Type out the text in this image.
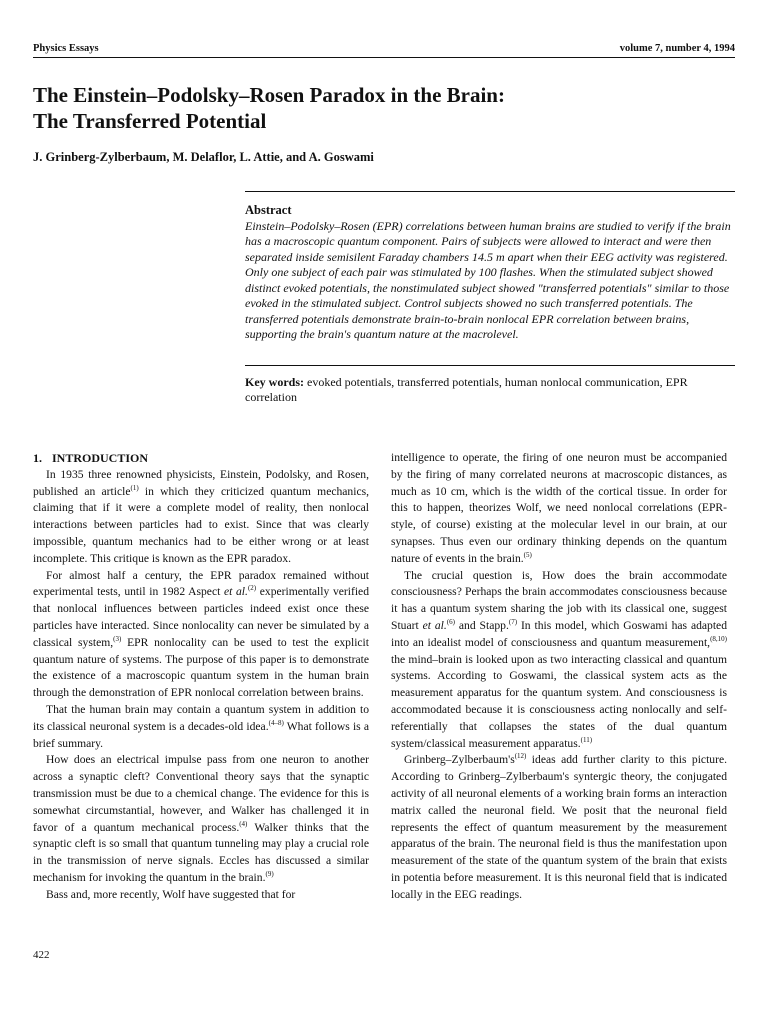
Physics Essays	volume 7, number 4, 1994
The Einstein–Podolsky–Rosen Paradox in the Brain:
The Transferred Potential
J. Grinberg-Zylberbaum, M. Delaflor, L. Attie, and A. Goswami
Abstract
Einstein–Podolsky–Rosen (EPR) correlations between human brains are studied to verify if the brain has a macroscopic quantum component. Pairs of subjects were allowed to interact and were then separated inside semisilent Faraday chambers 14.5 m apart when their EEG activity was registered. Only one subject of each pair was stimulated by 100 flashes. When the stimulated subject showed distinct evoked potentials, the nonstimulated subject showed "transferred potentials" similar to those evoked in the stimulated subject. Control subjects showed no such transferred potentials. The transferred potentials demonstrate brain-to-brain nonlocal EPR correlation between brains, supporting the brain's quantum nature at the macrolevel.
Key words: evoked potentials, transferred potentials, human nonlocal communication, EPR correlation
1. INTRODUCTION

In 1935 three renowned physicists, Einstein, Podolsky, and Rosen, published an article$^{(1)}$ in which they criticized quantum mechanics, claiming that if it were a complete model of reality, then nonlocal interactions between particles had to exist. Since that was clearly impossible, quantum mechanics had to be either wrong or at least incomplete. This critique is known as the EPR paradox.

For almost half a century, the EPR paradox remained without experimental tests, until in 1982 Aspect et al.$^{(2)}$ experimentally verified that nonlocal influences between particles indeed exist once these particles have interacted. Since nonlocality can never be simulated by a classical system,$^{(3)}$ EPR nonlocality can be used to test the explicit quantum nature of systems. The purpose of this paper is to demonstrate the existence of a macroscopic quantum system in the human brain through the demonstration of EPR nonlocal correlation between brains.

That the human brain may contain a quantum system in addition to its classical neuronal system is a decades-old idea.$^{(4-8)}$ What follows is a brief summary.

How does an electrical impulse pass from one neuron to another across a synaptic cleft? Conventional theory says that the synaptic transmission must be due to a chemical change. The evidence for this is somewhat circumstantial, however, and Walker has challenged it in favor of a quantum mechanical process.$^{(4)}$ Walker thinks that the synaptic cleft is so small that quantum tunneling may play a crucial role in the transmission of nerve signals. Eccles has discussed a similar mechanism for invoking the quantum in the brain.$^{(9)}$

Bass and, more recently, Wolf have suggested that for

intelligence to operate, the firing of one neuron must be accompanied by the firing of many correlated neurons at macroscopic distances, as much as 10 cm, which is the width of the cortical tissue. In order for this to happen, theorizes Wolf, we need nonlocal correlations (EPR-style, of course) existing at the molecular level in our brain, at our synapses. Thus even our ordinary thinking depends on the quantum nature of events in the brain.$^{(5)}$

The crucial question is, How does the brain accommodate consciousness? Perhaps the brain accommodates consciousness because it has a quantum system sharing the job with its classical one, suggest Stuart et al.$^{(6)}$ and Stapp.$^{(7)}$ In this model, which Goswami has adapted into an idealist model of consciousness and quantum measurement,$^{(8,10)}$ the mind–brain is looked upon as two interacting classical and quantum systems. According to Goswami, the classical system acts as the measurement apparatus for the quantum system. And consciousness is accommodated because it is consciousness acting nonlocally and self-referentially that collapses the states of the dual quantum system/classical measurement apparatus.$^{(11)}$

Grinberg–$Zylberbaum's^{(12)}$ ideas add further clarity to this picture. According to Grinberg–Zylberbaum's syntergic theory, the conjugated activity of all neuronal elements of a working brain forms an interaction matrix called the neuronal field. We posit that the neuronal field represents the effect of quantum measurement by the measurement apparatus of the brain. The neuronal field is thus the manifestation upon measurement of the state of the quantum system of the brain that exists in potentia before measurement. It is this neuronal field that is indicated locally in the EEG readings.

422
